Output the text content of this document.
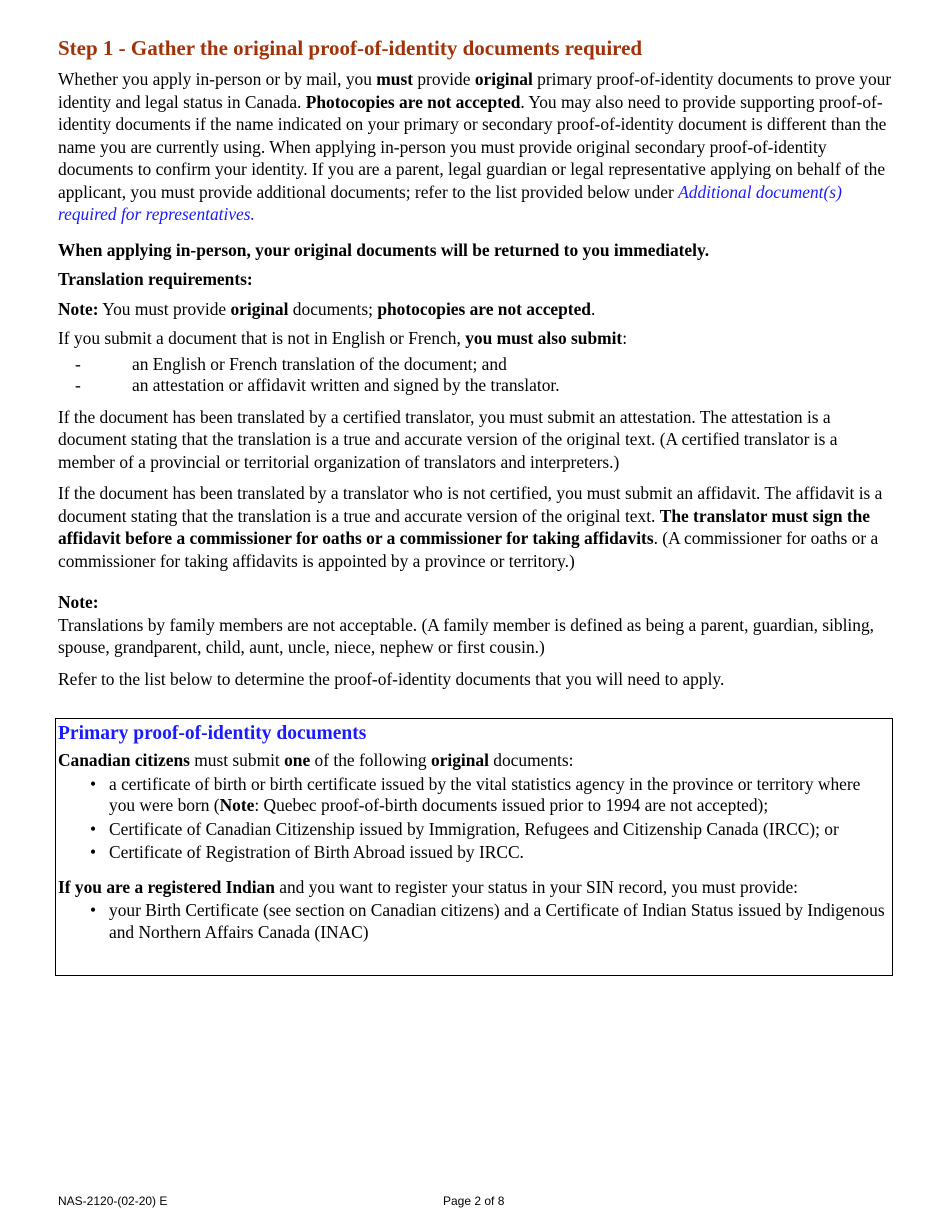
Step 1 - Gather the original proof-of-identity documents required

Whether you apply in-person or by mail, you must provide original primary proof-of-identity documents to prove your identity and legal status in Canada. Photocopies are not accepted. You may also need to provide supporting proof-of-identity documents if the name indicated on your primary or secondary proof-of-identity document is different than the name you are currently using. When applying in-person you must provide original secondary proof-of-identity documents to confirm your identity. If you are a parent, legal guardian or legal representative applying on behalf of the applicant, you must provide additional documents; refer to the list provided below under Additional document(s) required for representatives.

When applying in-person, your original documents will be returned to you immediately.

Translation requirements:

Note: You must provide original documents; photocopies are not accepted.

If you submit a document that is not in English or French, you must also submit:

-	an English or French translation of the document; and
-	an attestation or affidavit written and signed by the translator.

If the document has been translated by a certified translator, you must submit an attestation. The attestation is a document stating that the translation is a true and accurate version of the original text. (A certified translator is a member of a provincial or territorial organization of translators and interpreters.)

If the document has been translated by a translator who is not certified, you must submit an affidavit. The affidavit is a document stating that the translation is a true and accurate version of the original text. The translator must sign the affidavit before a commissioner for oaths or a commissioner for taking affidavits. (A commissioner for oaths or a commissioner for taking affidavits is appointed by a province or territory.)

Note:

Translations by family members are not acceptable. (A family member is defined as being a parent, guardian, sibling, spouse, grandparent, child, aunt, uncle, niece, nephew or first cousin.)

Refer to the list below to determine the proof-of-identity documents that you will need to apply.

Primary proof-of-identity documents

Canadian citizens must submit one of the following original documents:

• a certificate of birth or birth certificate issued by the vital statistics agency in the province or territory where you were born (Note: Quebec proof-of-birth documents issued prior to 1994 are not accepted);
• Certificate of Canadian Citizenship issued by Immigration, Refugees and Citizenship Canada (IRCC); or
• Certificate of Registration of Birth Abroad issued by IRCC.

If you are a registered Indian and you want to register your status in your SIN record, you must provide:

• your Birth Certificate (see section on Canadian citizens) and a Certificate of Indian Status issued by Indigenous and Northern Affairs Canada (INAC)
NAS-2120-(02-20) E	Page 2 of 8
